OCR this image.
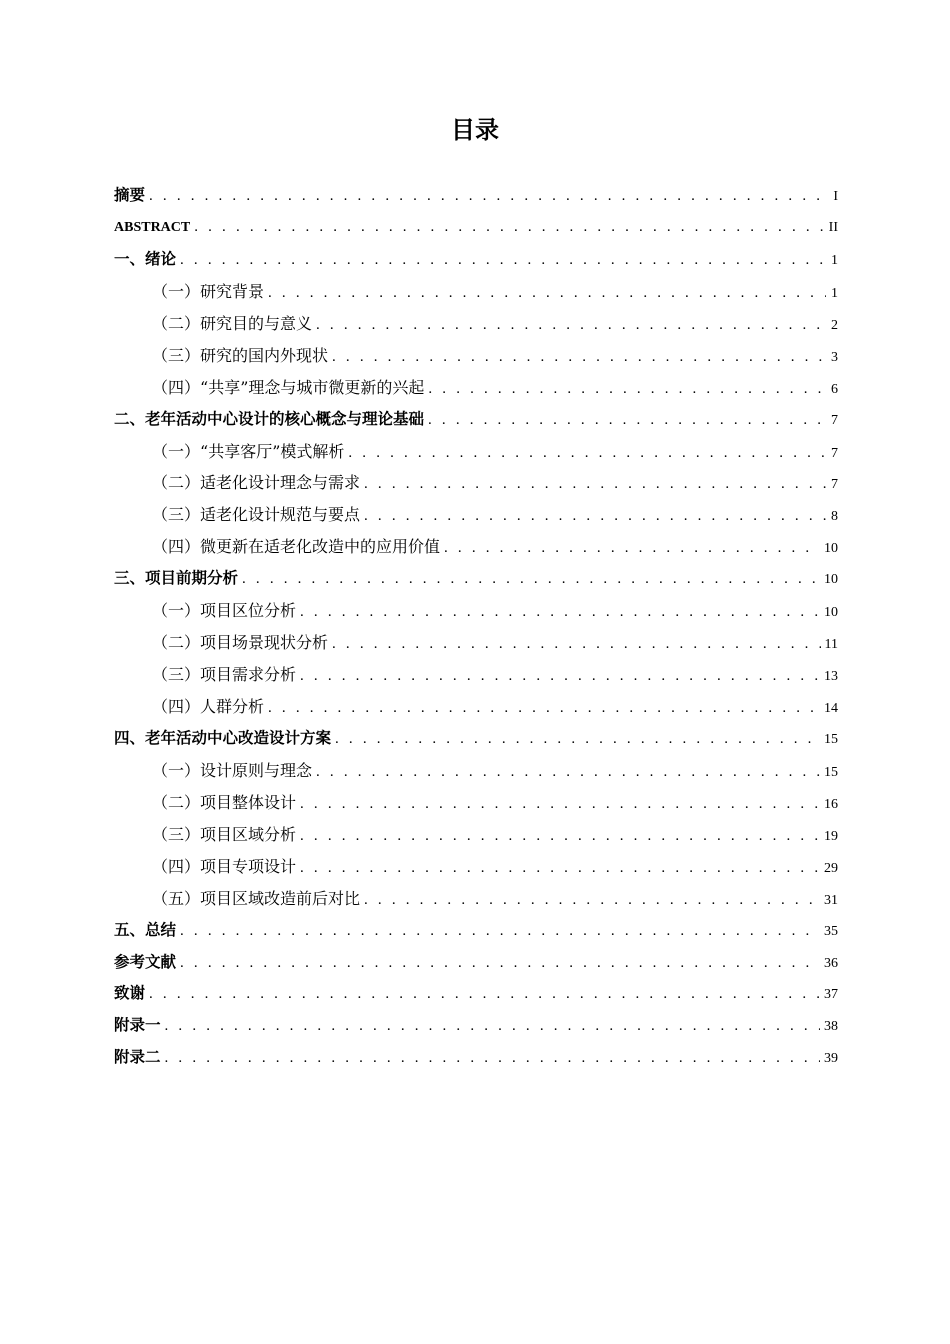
目录
摘要 . . .	I
ABSTRACT . . .	II
一、绪论 . . .	1
（一） 研究背景 . . .	1
（二） 研究目的与意义 . . .	2
（三） 研究的国内外现状 . . .	3
（四） “共享”理念与城市微更新的兴起 . . .	6
二、老年活动中心设计的核心概念与理论基础 . . .	7
（一） “共享客厅”模式解析 . . .	7
（二） 适老化设计理念与需求 . . .	7
（三） 适老化设计规范与要点 . . .	8
（四） 微更新在适老化改造中的应用价值 . . .	10
三、项目前期分析 . . .	10
（一） 项目区位分析 . . .	10
（二） 项目场景现状分析 . . .	11
（三） 项目需求分析 . . .	13
（四） 人群分析 . . .	14
四、老年活动中心改造设计方案 . . .	15
（一） 设计原则与理念 . . .	15
（二） 项目整体设计 . . .	16
（三） 项目区域分析 . . .	19
（四） 项目专项设计 . . .	29
（五） 项目区域改造前后对比 . . .	31
五、总结 . . .	35
参考文献 . . .	36
致谢 . . .	37
附录一 . . .	38
附录二 . . .	39
